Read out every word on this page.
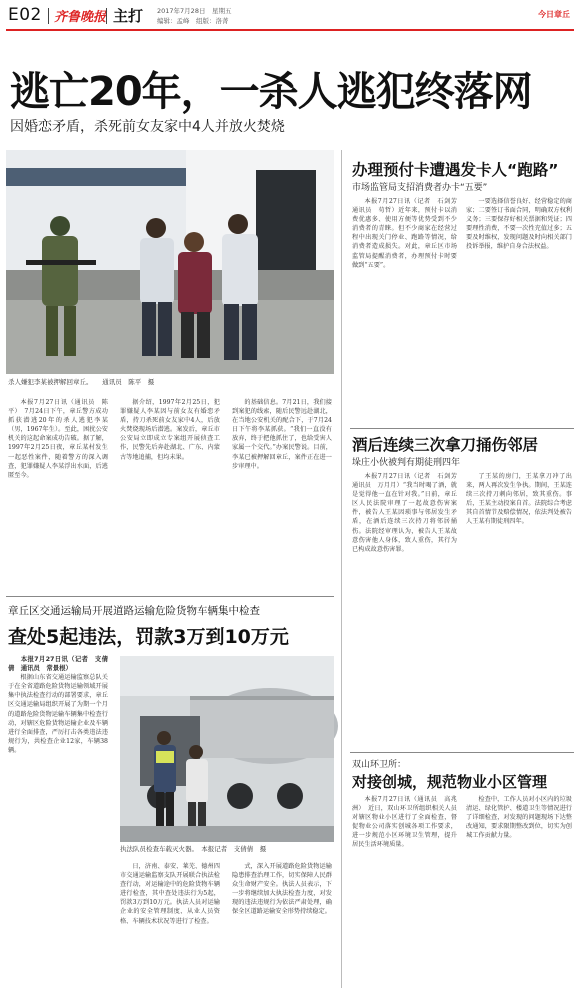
E02 齐鲁晚报 主打 2017年7月28日　星期五
编辑：孟峰　组版：洛菁
今日章丘
逃亡20年，一杀人逃犯终落网
因婚恋矛盾，杀死前女友家中4人并放火焚烧
杀人嫌犯李某被押解回章丘。　　通讯员　陈平　摄

本报7月27日讯（通讯员　陈平）　7月24日下午，章丘警方成功抓获潜逃20年的杀人逃犯李某（男，1967年生）。至此，困扰公安机关的这起命案成功告破。据了解，1997年2月25日夜，章丘某村发生一起恶性案件，随着警方的深入调查，犯罪嫌疑人李某浮出水面，后逃匿至今。

据介绍，1997年2月25日，犯罪嫌疑人李某因与前女友有婚恋矛盾，持刀杀死前女友家中4人，后放火焚烧现场后潜逃。案发后，章丘市公安局立即成立专案组开展侦查工作，民警先后奔赴湖北、广东、内蒙古等地追捕，但均未果。

的基础信息。7月21日，我们接到案犯的线索，随后民警远赴湖北，在当地公安机关的配合下，于7月24日下午将李某抓获。“我们一直没有放弃，终于把他抓住了，也给受害人家属一个交代。”办案民警说。目前，李某已被押解回章丘，案件正在进一步审理中。

章丘区交通运输局开展道路运输危险货物车辆集中检查
查处5起违法，罚款3万到10万元

本报7月27日讯（记者　支倩倩　通讯员　常景根）

根据山东省交通运输监察总队关于在全省道路危险货物运输领域开展集中执法检查行动的部署要求，章丘区交通运输局组织开展了为期一个月的道路危险货物运输车辆集中检查行动，对辖区危险货物运输企业及车辆进行全面排查，严厉打击各类违法违规行为，共检查企业12家，车辆38辆。

执法队员检查车载灭火器。　本报记者　支倩倩　摄

日，济南、泰安、莱芜、德州四市交通运输监察支队开展联合执法检查行动，对运输途中的危险货物车辆进行检查，其中查处违法行为5起，罚款3万到10万元。执法人员对运输企业的安全管理制度、从业人员资格、车辆技术状况等进行了检查。

式，深入开展道路危险货物运输隐患排查治理工作，切实保障人民群众生命财产安全。执法人员表示，下一步将继续加大执法检查力度，对发现的违法违规行为依法严肃处理，确保全区道路运输安全形势持续稳定。

办理预付卡遭遇发卡人“跑路”
市场监管局支招消费者办卡“五要”

本报7月27日讯（记者　石剑芳　通讯员　苟哲）近年来，预付卡以消费优惠多、使用方便等优势受到不少消费者的青睐。但不少商家在经营过程中出现关门停业、跑路等情况，给消费者造成损失。对此，章丘区市场监管局提醒消费者，办理预付卡时要做到“五要”。

一要选择信誉良好、经营稳定的商家；二要签订书面合同，明确双方权利义务；三要保存好相关票据和凭证；四要理性消费，不要一次性充值过多；五要及时维权，发现问题及时向相关部门投诉举报，维护自身合法权益。

酒后连续三次拿刀捅伤邻居
垛庄小伙被判有期徒刑四年

本报7月27日讯（记者　石剑芳　通讯员　万月月）“我当时喝了酒，就是觉得他一直在针对我。”日前，章丘区人民法院审理了一起故意伤害案件，被告人王某因琐事与邻居发生矛盾，在酒后连续三次持刀将邻居捅伤。法院经审理认为，被告人王某故意伤害他人身体，致人重伤，其行为已构成故意伤害罪。

了王某的房门，王某拿刀冲了出来，两人再次发生争执。期间，王某连续三次持刀刺向邻居，致其重伤。事后，王某主动投案自首。法院综合考虑其自首情节及赔偿情况，依法判处被告人王某有期徒刑四年。

双山环卫所：
对接创城，规范物业小区管理

本报7月27日讯（通讯员　高兆洲）　近日，双山环卫所组织相关人员对辖区物业小区进行了全面检查，督促物业公司落实创城各项工作要求，进一步规范小区环境卫生管理，提升居民生活环境质量。

检查中，工作人员对小区内的垃圾清运、绿化管护、楼道卫生等情况进行了详细检查，对发现的问题现场下达整改通知，要求限期整改到位，切实为创城工作贡献力量。
